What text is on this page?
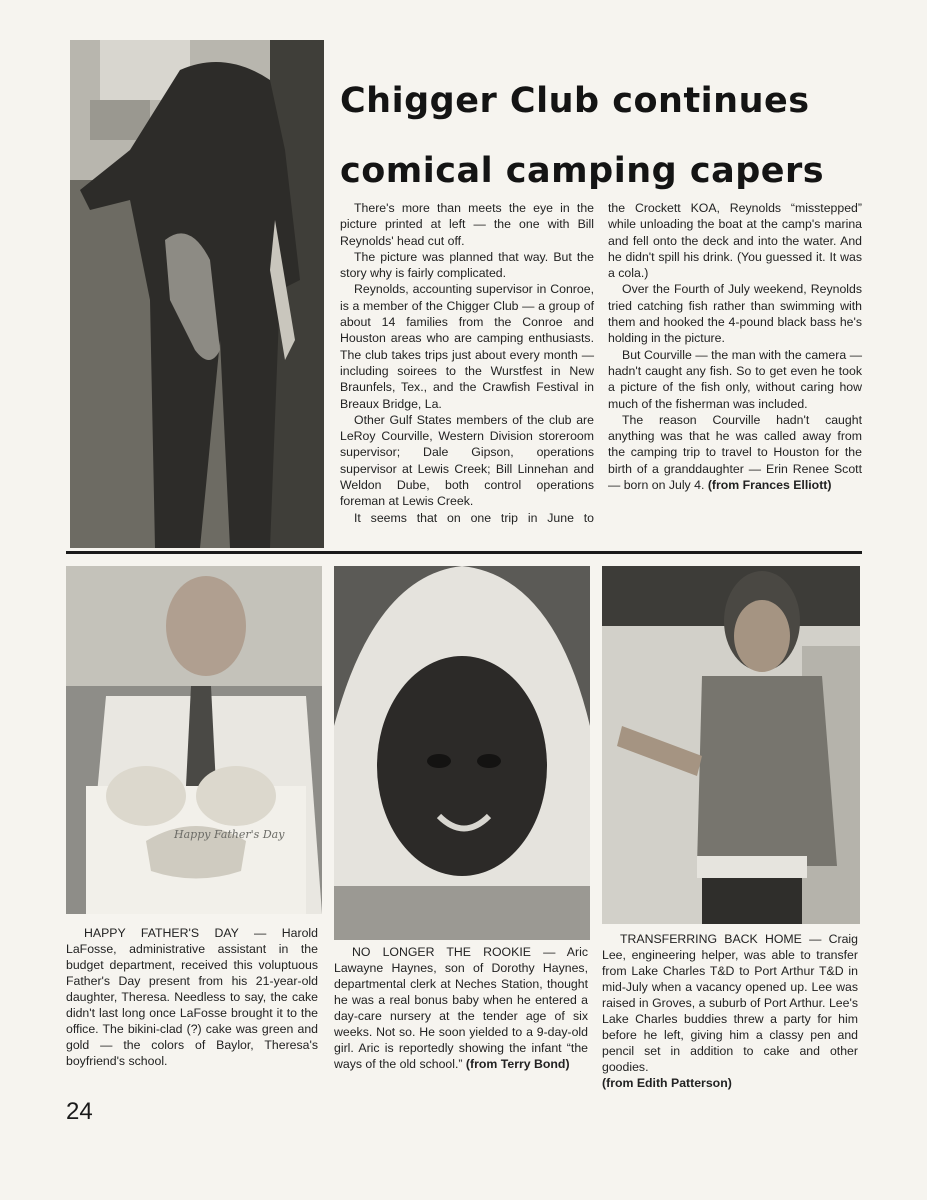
Chigger Club continues
comical camping capers

There's more than meets the eye in the picture printed at left — the one with Bill Reynolds' head cut off.

The picture was planned that way. But the story why is fairly complicated.

Reynolds, accounting supervisor in Conroe, is a member of the Chigger Club — a group of about 14 families from the Conroe and Houston areas who are camping enthusiasts. The club takes trips just about every month — including soirees to the Wurstfest in New Braunfels, Tex., and the Crawfish Festival in Breaux Bridge, La.

Other Gulf States members of the club are LeRoy Courville, Western Division storeroom supervisor; Dale Gipson, operations supervisor at Lewis Creek; Bill Linnehan and Weldon Dube, both control operations foreman at Lewis Creek.

It seems that on one trip in June to

the Crockett KOA, Reynolds “misstepped” while unloading the boat at the camp's marina and fell onto the deck and into the water. And he didn't spill his drink. (You guessed it. It was a cola.)

Over the Fourth of July weekend, Reynolds tried catching fish rather than swimming with them and hooked the 4-pound black bass he's holding in the picture.

But Courville — the man with the camera — hadn't caught any fish. So to get even he took a picture of the fish only, without caring how much of the fisherman was included.

The reason Courville hadn't caught anything was that he was called away from the camping trip to travel to Houston for the birth of a granddaughter — Erin Renee Scott — born on July 4. (from Frances Elliott)

Happy Father's Day

HAPPY FATHER'S DAY — Harold LaFosse, administrative assistant in the budget department, received this voluptuous Father's Day present from his 21-year-old daughter, Theresa. Needless to say, the cake didn't last long once LaFosse brought it to the office. The bikini-clad (?) cake was green and gold — the colors of Baylor, Theresa's boyfriend's school.

NO LONGER THE ROOKIE — Aric Lawayne Haynes, son of Dorothy Haynes, departmental clerk at Neches Station, thought he was a real bonus baby when he entered a day-care nursery at the tender age of six weeks. Not so. He soon yielded to a 9-day-old girl. Aric is reportedly showing the infant “the ways of the old school.” (from Terry Bond)

TRANSFERRING BACK HOME — Craig Lee, engineering helper, was able to transfer from Lake Charles T&D to Port Arthur T&D in mid-July when a vacancy opened up. Lee was raised in Groves, a suburb of Port Arthur. Lee's Lake Charles buddies threw a party for him before he left, giving him a classy pen and pencil set in addition to cake and other goodies.

(from Edith Patterson)

24
